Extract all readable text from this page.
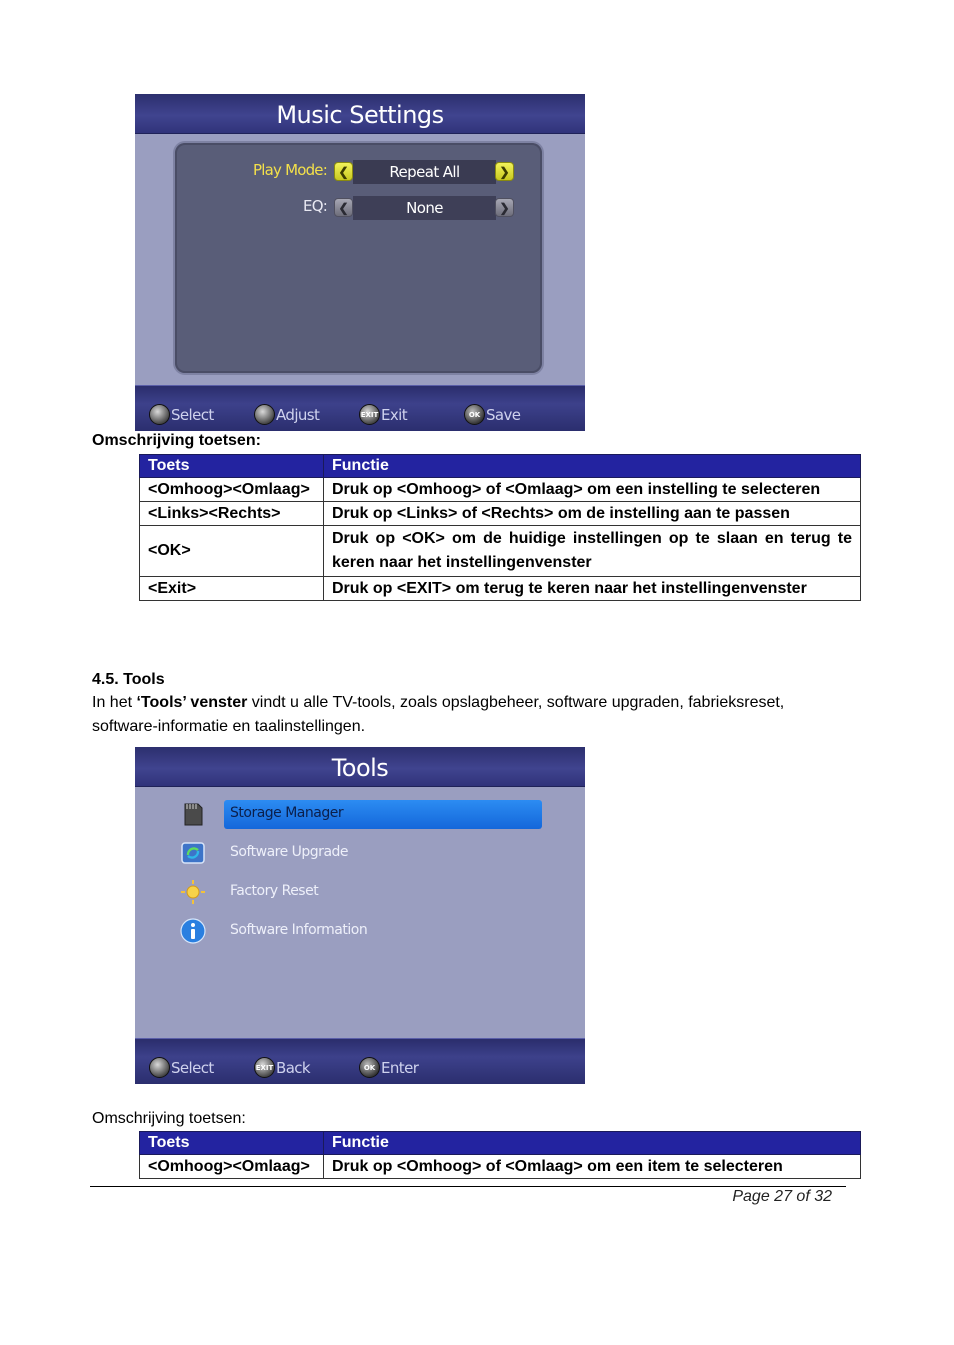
Music Settings
Play Mode: ❮	Repeat All	❯
EQ: ❮	None	❯
Select	Adjust	EXIT Exit	OK Save
Omschrijving toetsen:
Toets	Functie
<Omhoog><Omlaag>	Druk op <Omhoog> of <Omlaag> om een instelling te selecteren
<Links><Rechts>	Druk op <Links> of <Rechts> om de instelling aan te passen
<OK>	Druk op <OK> om de huidige instellingen op te slaan en terug te keren naar het instellingenvenster
<Exit>	Druk op <EXIT> om terug te keren naar het instellingenvenster
4.5. Tools
In het ‘Tools’ venster vindt u alle TV-tools, zoals opslagbeheer, software upgraden, fabrieksreset,
software-informatie en taalinstellingen.
Tools
Storage Manager
Software Upgrade
Factory Reset
Software Information
Select	EXIT Back	OK Enter
Omschrijving toetsen:
Toets	Functie
<Omhoog><Omlaag>	Druk op <Omhoog> of <Omlaag> om een item te selecteren
Page 27 of 32
